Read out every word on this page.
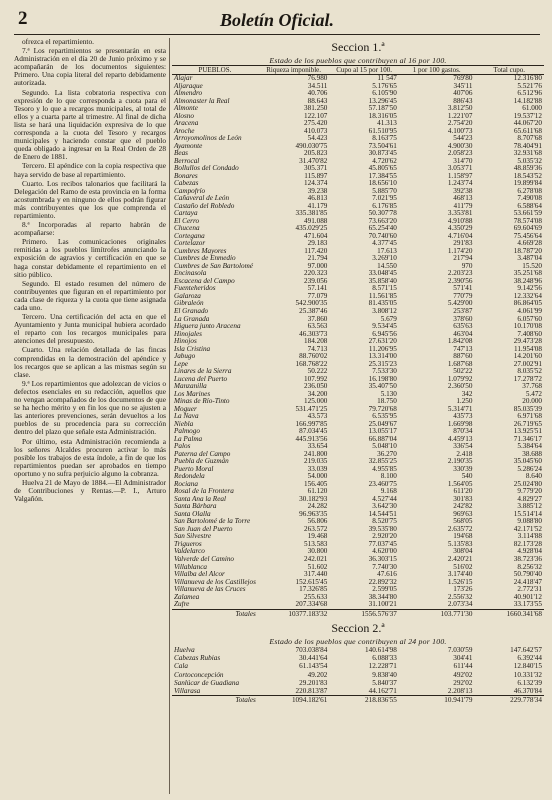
2	Boletín Oficial.

ofrezca el repartimiento.

7.ª Los repartimientos se presentarán en esta Administración en el día 20 de Junio próximo y se acompañarán de los documentos siguientes: Primero. Una copia literal del reparto debidamente autorizada.

Segundo. La lista cobratoria respectiva con expresión de lo que corresponda a cuota para el Tesoro y lo que a recargos municipales, al total de ellos y a cuarta parte al trimestre. Al final de dicha lista se hará una liquidación expresiva de lo que corresponda a la cuota del Tesoro y recargos municipales y haciendo constar que el pueblo queda obligado a ingresar en la Real Orden de 28 de Enero de 1881.

Tercero. El apéndice con la copia respectiva que haya servido de base al repartimiento.

Cuarto. Los recibos talonarios que facilitará la Delegación del Ramo de esta provincia en la forma acostumbrada y en ninguno de ellos podrán figurar más contribuyentes que los que comprenda el repartimiento.

8.ª Incorporadas al reparto habrán de acompañarse:

Primero. Las comunicaciones originales remitidas a los pueblos limítrofes anunciando la exposición de agravios y certificación en que se haga constar debidamente el repartimiento en el sitio público.

Segundo. El estado resumen del número de contribuyentes que figuran en el repartimiento por cada clase de riqueza y la cuota que tiene asignada cada uno.

Tercero. Una certificación del acta en que el Ayuntamiento y Junta municipal hubiera acordado el reparto con los recargos municipales para atenciones del presupuesto.

Cuarto. Una relación detallada de las fincas comprendidas en la demostración del apéndice y los recargos que se aplican a las mismas según su clase.

9.ª Los repartimientos que adolezcan de vicios o defectos esenciales en su redacción, aquellos que no vengan acompañados de los documentos de que se ha hecho mérito y en fin los que no se ajusten a las anteriores prevenciones, serán devueltos a los pueblos de su procedencia para su corrección dentro del plazo que señale esta Administración.

Por último, esta Administración recomienda a los señores Alcaldes procuren activar lo más posible los trabajos de esta índole, a fin de que los repartimientos puedan ser aprobados en tiempo oportuno y no sufra perjuicio alguno la cobranza.

Huelva 21 de Mayo de 1884.—El Administrador de Contribuciones y Rentas.—P. I., Arturo Valgañón.

Seccion 1.ª
Estado de los pueblos que contribuyen al 16 por 100.
PUEBLOS.	Riqueza imponible.	Cupo al 15 por 100.	1 por 100 gastos.	Total cupo.
Alajar	76.980	11 547	769'80	12.316'80
Aljaraque	34.511	5.176'65	345'11	5.521'76
Almendro	40.706	6.105'90	407'06	6.512'96
Almonaster la Real	88.643	13.296'45	886'43	14.182'88
Almonte	381.250	57.187'50	3.812'50	61.000
Alosno	122.107	18.316'05	1.221'07	19.537'12
Aracena	275.420	41.313	2.754'20	44.067'20
Aroche	410.073	61.510'95	4.100'73	65.611'68
Arroyomolinos de León	54.423	8.163'75	544'23	8.707'68
Ayamonte	490.030'75	73.504'61	4.900'30	78.404'91
Beas	205.823	30.873'45	2.058'23	32.931'68
Berrocal	31.470'82	4.720'62	314'70	5.035'32
Bollullos del Condado	305.371	45.805'65	3.053'71	48.859'36
Bonares	115.897	17.384'55	1.158'97	18.543'52
Cabezas	124.374	18.656'10	1.243'74	19.899'84
Campofrío	39.238	5.885'70	392'38	6.278'08
Cañaveral de León	46.813	7.021'95	468'13	7.490'08
Castaño del Robledo	41.179	6.176'85	411'79	6.588'64
Cartaya	335.381'85	50.307'78	3.353'81	53.661'59
El Cerro	491.088	73.663'20	4.910'88	78.574'08
Chucena	435.029'25	65.254'40	4.350'29	69.604'69
Cortegana	471.604	70.740'60	4.716'04	75.456'64
Cortelazor	29.183	4.377'45	291'83	4.669'28
Cumbres Mayores	117.420	17.613	1.174'20	18.787'20
Cumbres de Enmedio	21.794	3.269'10	217'94	3.487'04
Cumbres de San Bartolomé	97.000	14.550	970	15.520
Encinasola	220.323	33.048'45	2.203'23	35.251'68
Escacena del Campo	239.056	35.858'40	2.390'56	38.248'96
Fuenteheridos	57.141	8.571'15	571'41	9.142'56
Galaroza	77.079	11.561'85	770'79	12.332'64
Gibraleón	542.900'35	81.435'05	5.429'00	86.864'05
El Granado	25.387'46	3.808'12	253'87	4.061'99
La Granada	37.860	5.679	378'60	6.057'60
Higuera junto Aracena	63.563	9.534'45	635'63	10.170'08
Hinojales	46.303'73	6.945'56	463'04	7.408'60
Hinojos	184.208	27.631'20	1.842'08	29.473'28
Isla Cristina	74.713	11.206'95	747'13	11.954'08
Jabugo	88.760'02	13.314'00	887'60	14.201'60
Lepe	168.768'22	25.315'23	1.687'68	27.002'91
Linares de la Sierra	50.222	7.533'30	502'22	8.035'52
Lucena del Puerto	107.992	16.198'80	1.079'92	17.278'72
Manzanilla	236.050	35.407'50	2.360'50	37.768
Los Marines	34.200	5.130	342	5.472
Minas de Río-Tinto	125.000	18.750	1.250	20.000
Moguer	531.471'25	79.720'68	5.314'71	85.035'39
La Nava	43.573	6.535'95	435'73	6.971'68
Niebla	166.997'85	25.049'67	1.669'98	26.719'65
Palmogo	87.034'45	13.055'17	870'34	13.925'51
La Palma	445.913'56	66.887'04	4.459'13	71.346'17
Palos	33.654	5.048'10	336'54	5.384'64
Paterna del Campo	241.800	36.270	2.418	38.688
Puebla de Guzmán	219.035	32.855'25	2.190'35	35.045'60
Puerto Moral	33.039	4.955'85	330'39	5.286'24
Redondela	54.000	8.100	540	8.640
Rociana	156.405	23.460'75	1.564'05	25.024'80
Rosal de la Frontera	61.120	9.168	611'20	9.779'20
Santa Ana la Real	30.182'93	4.527'44	301'83	4.829'27
Santa Bárbara	24.282	3.642'30	242'82	3.885'12
Santa Olalla	96.963'35	14.544'51	969'63	15.514'14
San Bartolomé de la Torre	56.806	8.520'75	568'05	9.088'80
San Juan del Puerto	263.572	39.535'80	2.635'72	42.171'52
San Silvestre	19.468	2.920'20	194'68	3.114'88
Trigueros	513.583	77.037'45	5.135'83	82.173'28
Valdelarco	30.800	4.620'00	308'04	4.928'04
Valverde del Camino	242.021	36.303'15	2.420'21	38.723'36
Villablanca	51.602	7.740'30	516'02	8.256'32
Villalba del Alcor	317.440	47.616	3.174'40	50.790'40
Villanueva de los Castillejos	152.615'45	22.892'32	1.526'15	24.418'47
Villanueva de las Cruces	17.326'85	2.599'05	173'26	2.772'31
Zalamea	255.633	38.344'80	2.556'32	40.901'12
Zufre	207.334'68	31.100'21	2.073'34	33.173'55
Totales	10377.183'32	1556.576'37	103.771'30	1660.341'68
Seccion 2.ª
Estado de los pueblos que contribuyen al 24 por 100.
Huelva	703.038'84	140.614'98	7.030'59	147.642'57
Cabezas Rubias	30.441'64	6.088'33	304'41	6.392'44
Cala	61.143'54	12.228'71	611'44	12.840'15
Cortoconcepción	49.202	9.838'40	492'02	10.331'32
Sanlúcar de Guadiana	29.201'83	5.840'37	292'02	6.132'39
Villarasa	220.813'87	44.162'71	2.208'13	46.370'84
Totales	1094.182'61	218.836'55	10.941'79	229.778'34
